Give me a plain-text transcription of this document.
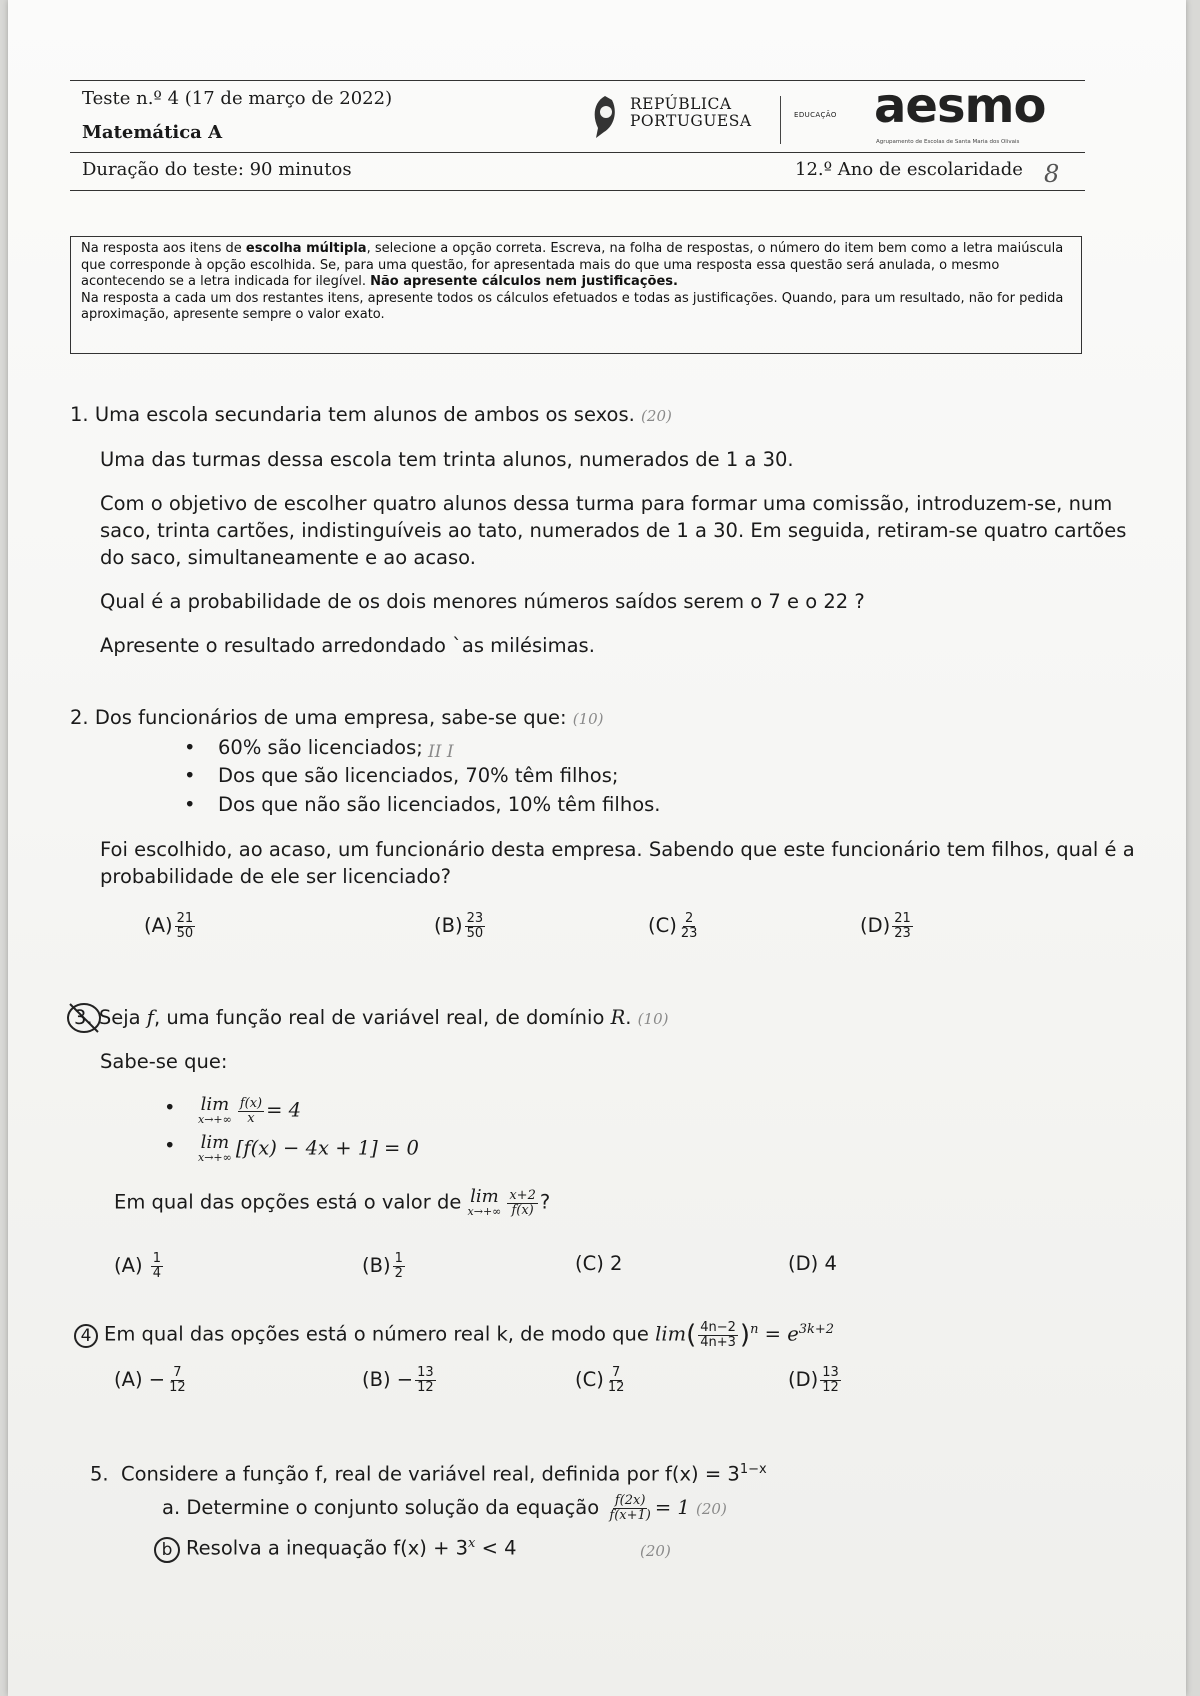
Teste n.º 4 (17 de março de 2022)
Matemática A
REPÚBLICA
PORTUGUESA	EDUCAÇÃO aesmo
Agrupamento de Escolas de Santa Maria dos Olivais
Duração do teste: 90 minutos	12.º Ano de escolaridade 8
Na resposta aos itens de escolha múltipla, selecione a opção correta. Escreva, na folha de respostas, o número do item bem como a letra maiúscula que corresponde à opção escolhida. Se, para uma questão, for apresentada mais do que uma resposta essa questão será anulada, o mesmo acontecendo se a letra indicada for ilegível. Não apresente cálculos nem justificações.
Na resposta a cada um dos restantes itens, apresente todos os cálculos efetuados e todas as justificações. Quando, para um resultado, não for pedida aproximação, apresente sempre o valor exato.
1. Uma escola secundaria tem alunos de ambos os sexos. (20)
Uma das turmas dessa escola tem trinta alunos, numerados de 1 a 30.
Com o objetivo de escolher quatro alunos dessa turma para formar uma comissão, introduzem-se, num saco, trinta cartões, indistinguíveis ao tato, numerados de 1 a 30. Em seguida, retiram-se quatro cartões do saco, simultaneamente e ao acaso.
Qual é a probabilidade de os dois menores números saídos serem o 7 e o 22 ?
Apresente o resultado arredondado `as milésimas.
2. Dos funcionários de uma empresa, sabe-se que: (10)
• 60% são licenciados; II I
• Dos que são licenciados, 70% têm filhos;
• Dos que não são licenciados, 10% têm filhos.
Foi escolhido, ao acaso, um funcionário desta empresa. Sabendo que este funcionário tem filhos, qual é a probabilidade de ele ser licenciado?
$(A) \frac{21}{50}$	$(B) \frac{23}{50}$	$(C) \frac{2}{23}$	$(D) \frac{21}{23}$
3. Seja f, uma função real de variável real, de domínio R. (10)
Sabe-se que:
• lim
$x\to+\infty \frac{f(x)}{x} = 4$
• lim
x→+∞ [f(x) − 4x + 1] = 0
Em qual das opções está o valor de lim
$x\to+\infty \frac{x+2}{f(x)}$ ?
$(A) \frac{1}{4}$	$(B) \frac{1}{2}$	(C) 2	(D) 4
4 Em qual das opções está o número real k, de modo que $\lim( \frac{4n-2}{4n+3} )^n = e^{3k+2}$
$(A) - \frac{7}{12}$	$(B) - \frac{13}{12}$	$(C) \frac{7}{12}$	$(D) \frac{13}{12}$
5. Considere a função f, real de variável real, definida por $f(x) = 3^{1-x}$
a. Determine o conjunto solução da equação $\frac{f(2x)}{f(x+1)} = 1$ (20)
b Resolva a inequação $f(x) + 3^x < 4$	(20)
